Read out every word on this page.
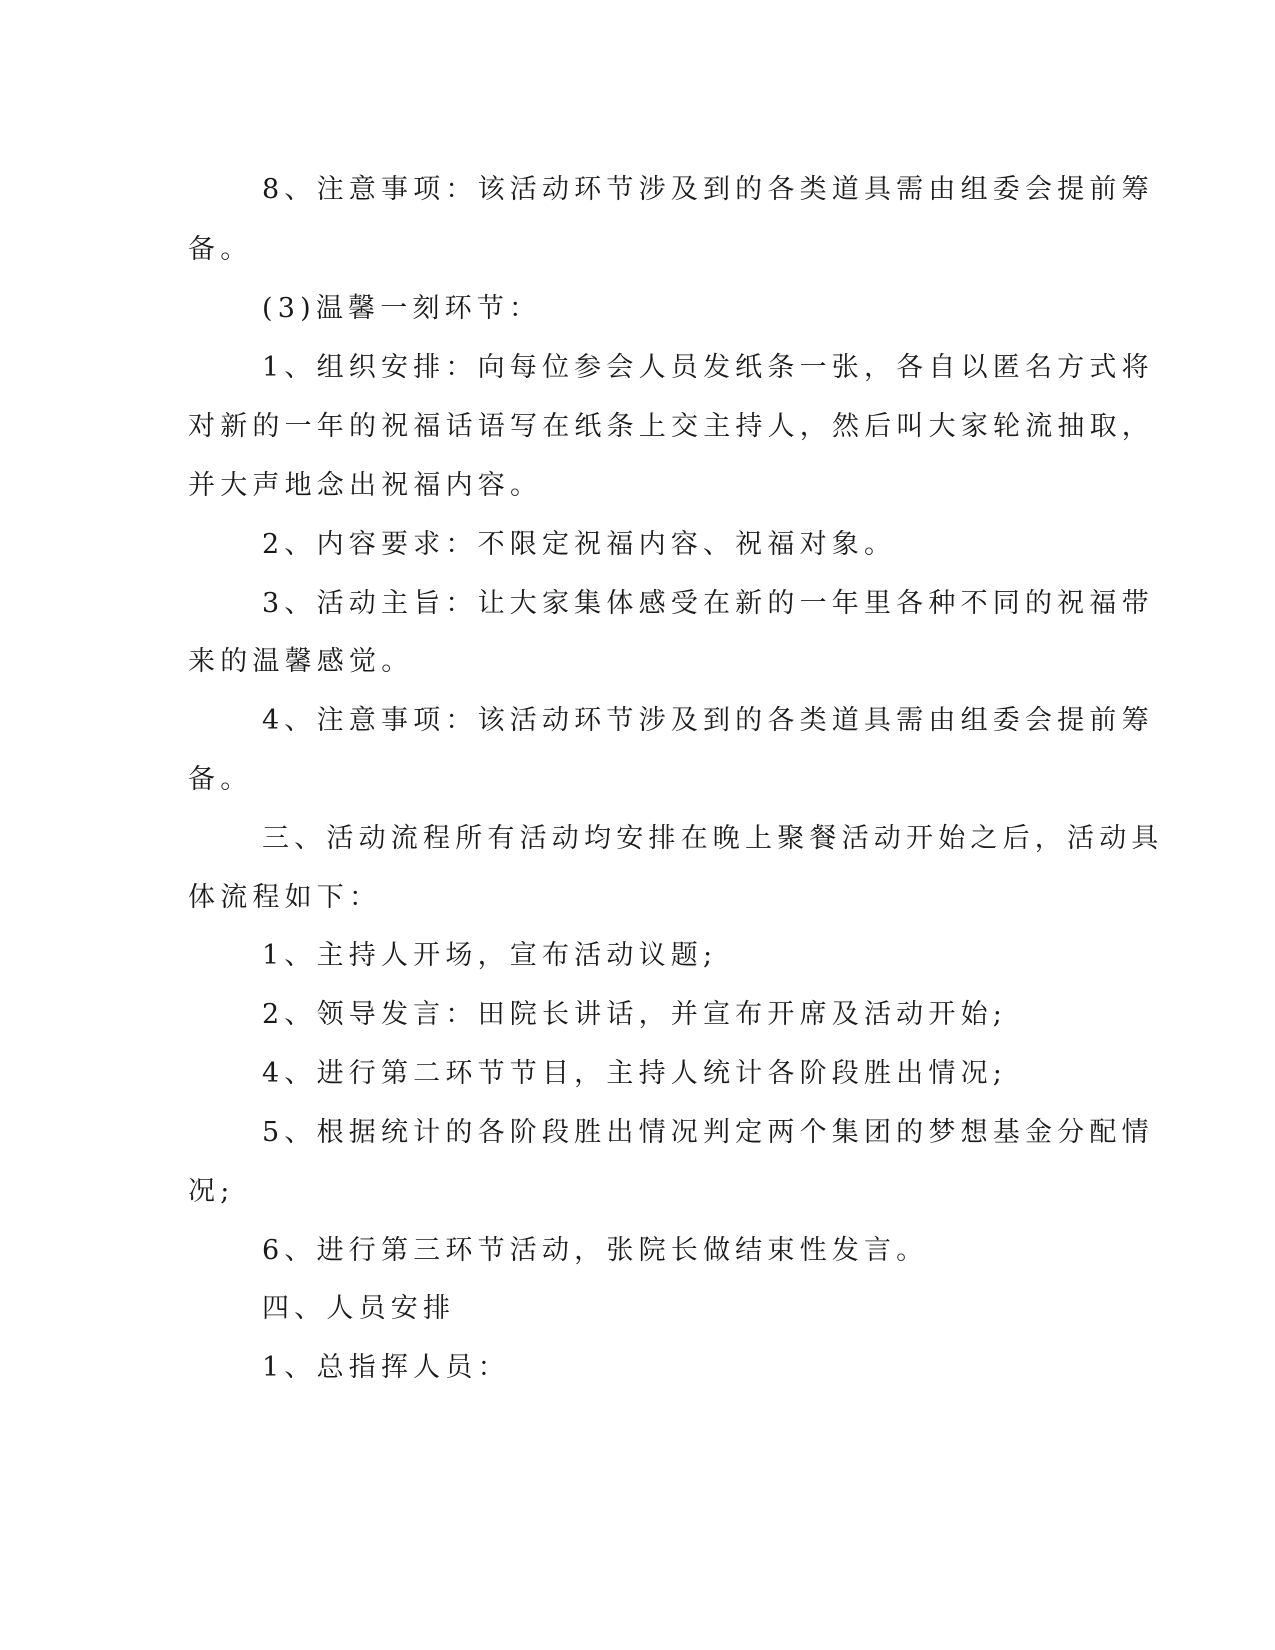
8、注意事项：该活动环节涉及到的各类道具需由组委会提前筹

备。

(3)温馨一刻环节：

1、组织安排：向每位参会人员发纸条一张，各自以匿名方式将

对新的一年的祝福话语写在纸条上交主持人，然后叫大家轮流抽取，

并大声地念出祝福内容。

2、内容要求：不限定祝福内容、祝福对象。

3、活动主旨：让大家集体感受在新的一年里各种不同的祝福带

来的温馨感觉。

4、注意事项：该活动环节涉及到的各类道具需由组委会提前筹

备。

三、活动流程所有活动均安排在晚上聚餐活动开始之后，活动具

体流程如下：

1、主持人开场，宣布活动议题;

2、领导发言：田院长讲话，并宣布开席及活动开始;

4、进行第二环节节目，主持人统计各阶段胜出情况;

5、根据统计的各阶段胜出情况判定两个集团的梦想基金分配情

况;

6、进行第三环节活动，张院长做结束性发言。

四、人员安排

1、总指挥人员：
